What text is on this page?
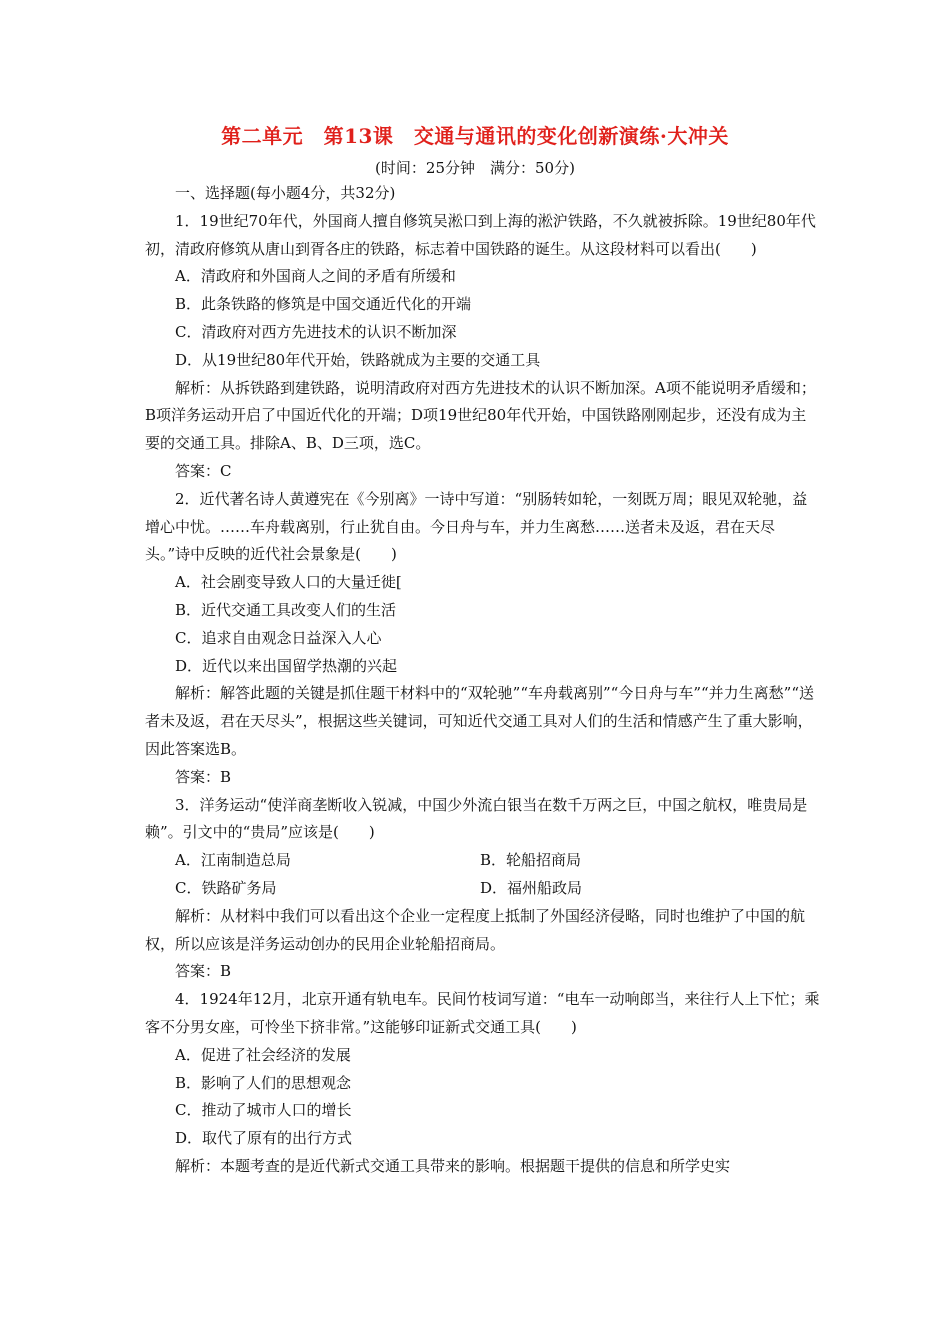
第二单元　第13课　交通与通讯的变化创新演练·大冲关
(时间：25分钟　满分：50分)

一、选择题(每小题4分，共32分)

1．19世纪70年代，外国商人擅自修筑吴淞口到上海的淞沪铁路，不久就被拆除。19世纪80年代初，清政府修筑从唐山到胥各庄的铁路，标志着中国铁路的诞生。从这段材料可以看出(　　)

A．清政府和外国商人之间的矛盾有所缓和

B．此条铁路的修筑是中国交通近代化的开端

C．清政府对西方先进技术的认识不断加深

D．从19世纪80年代开始，铁路就成为主要的交通工具

解析：从拆铁路到建铁路，说明清政府对西方先进技术的认识不断加深。A项不能说明矛盾缓和；B项洋务运动开启了中国近代化的开端；D项19世纪80年代开始，中国铁路刚刚起步，还没有成为主要的交通工具。排除A、B、D三项，选C。

答案：C

2．近代著名诗人黄遵宪在《今别离》一诗中写道：“别肠转如轮，一刻既万周；眼见双轮驰，益增心中忧。……车舟载离别，行止犹自由。今日舟与车，并力生离愁……送者未及返，君在天尽头。”诗中反映的近代社会景象是(　　)

A．社会剧变导致人口的大量迁徙[

B．近代交通工具改变人们的生活

C．追求自由观念日益深入人心

D．近代以来出国留学热潮的兴起

解析：解答此题的关键是抓住题干材料中的“双轮驰”“车舟载离别”“今日舟与车”“并力生离愁”“送者未及返，君在天尽头”，根据这些关键词，可知近代交通工具对人们的生活和情感产生了重大影响，因此答案选B。

答案：B

3．洋务运动“使洋商垄断收入锐减，中国少外流白银当在数千万两之巨，中国之航权，唯贵局是赖”。引文中的“贵局”应该是(　　)

A．江南制造总局	B．轮船招商局
C．铁路矿务局	D．福州船政局

解析：从材料中我们可以看出这个企业一定程度上抵制了外国经济侵略，同时也维护了中国的航权，所以应该是洋务运动创办的民用企业轮船招商局。

答案：B

4．1924年12月，北京开通有轨电车。民间竹枝词写道：“电车一动响郎当，来往行人上下忙；乘客不分男女座，可怜坐下挤非常。”这能够印证新式交通工具(　　)

A．促进了社会经济的发展

B．影响了人们的思想观念

C．推动了城市人口的增长

D．取代了原有的出行方式

解析：本题考查的是近代新式交通工具带来的影响。根据题干提供的信息和所学史实
